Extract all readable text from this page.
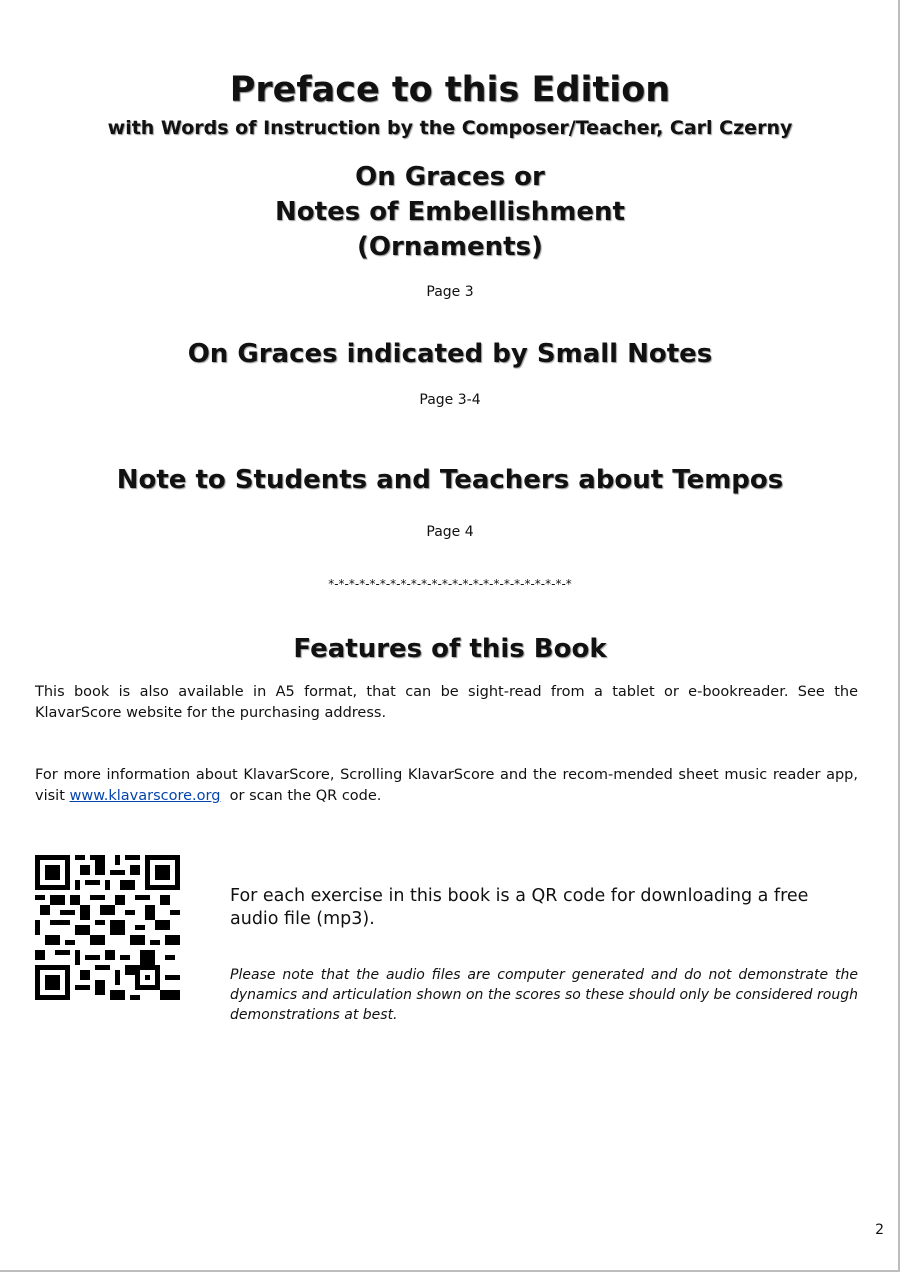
Preface to this Edition

with Words of Instruction by the Composer/Teacher, Carl Czerny

On Graces or
Notes of Embellishment
(Ornaments)

Page 3

On Graces indicated by Small Notes

Page 3-4

Note to Students and Teachers about Tempos

Page 4

*-*-*-*-*-*-*-*-*-*-*-*-*-*-*-*-*-*-*-*-*-*-*-*

Features of this Book

This book is also available in A5 format, that can be sight-read from a tablet or e-bookreader. See the KlavarScore website for the purchasing address.

For more information about KlavarScore, Scrolling KlavarScore and the recom-mended sheet music reader app, visit www.klavarscore.org  or scan the QR code.

For each exercise in this book is a QR code for downloading a free audio file (mp3).

Please note that the audio files are computer generated and do not demonstrate the dynamics and articulation shown on the scores so these should only be considered rough demonstrations at best.

2
